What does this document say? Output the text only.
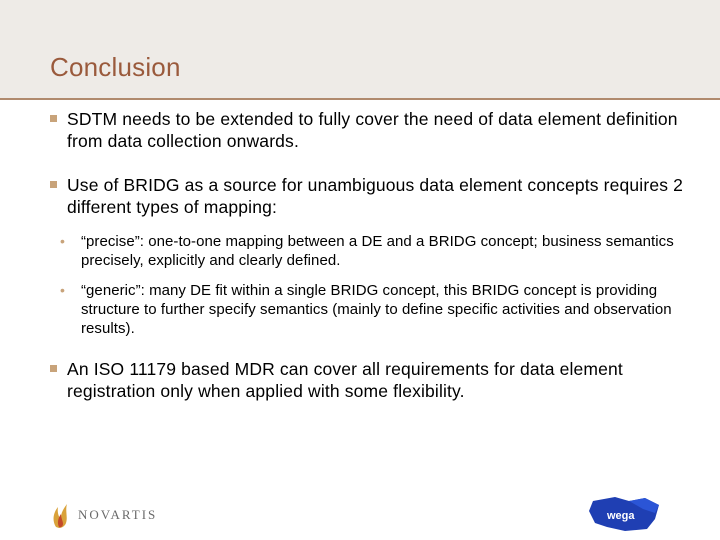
Conclusion
SDTM needs to be extended to fully cover the need of data element definition from data collection onwards.
Use of BRIDG as a source for unambiguous data element concepts requires 2 different types of mapping:
• “precise”: one-to-one mapping between a DE and a BRIDG concept; business semantics precisely, explicitly and clearly defined.
• “generic”: many DE fit within a single BRIDG concept, this BRIDG concept is providing structure to further specify semantics (mainly to define specific activities and observation results).
An ISO 11179 based MDR can cover all requirements for data element registration only when applied with some flexibility.
NOVARTIS	wega
